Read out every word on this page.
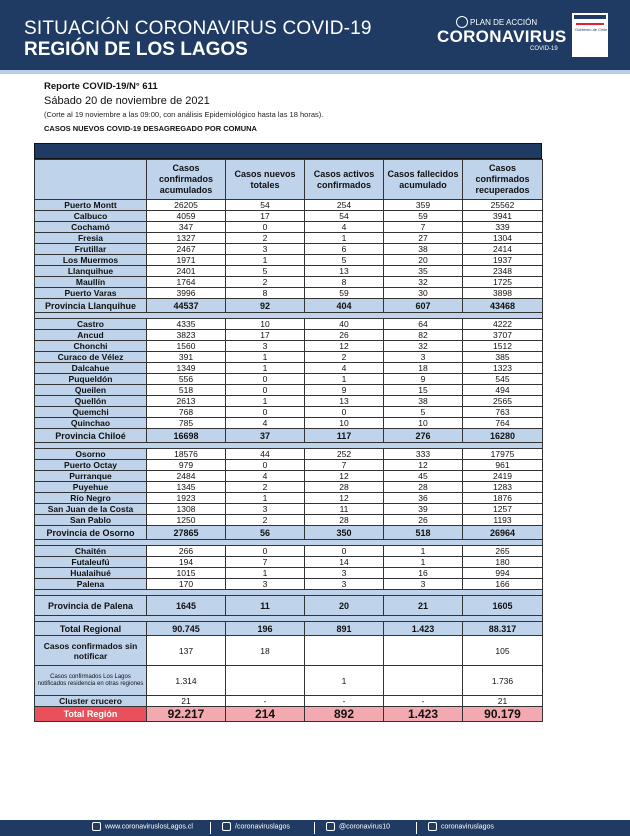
SITUACIÓN CORONAVIRUS COVID-19
REGIÓN DE LOS LAGOS
PLAN DE ACCIÓN
CORONAVIRUS
COVID-19
Gobierno de Chile
Reporte COVID-19/N° 611
Sábado 20 de noviembre de 2021
(Corte al 19 noviembre a las 09:00, con análisis Epidemiológico hasta las 18 horas).
CASOS NUEVOS COVID-19 DESAGREGADO POR COMUNA
	Casos confirmados acumulados	Casos nuevos totales	Casos activos confirmados	Casos fallecidos acumulado	Casos confirmados recuperados
Puerto Montt	26205	54	254	359	25562
Calbuco	4059	17	54	59	3941
Cochamó	347	0	4	7	339
Fresia	1327	2	1	27	1304
Frutillar	2467	3	6	38	2414
Los Muermos	1971	1	5	20	1937
Llanquihue	2401	5	13	35	2348
Maullín	1764	2	8	32	1725
Puerto Varas	3996	8	59	30	3898
Provincia Llanquihue	44537	92	404	607	43468

Castro	4335	10	40	64	4222
Ancud	3823	17	26	82	3707
Chonchi	1560	3	12	32	1512
Curaco de Vélez	391	1	2	3	385
Dalcahue	1349	1	4	18	1323
Puqueldón	556	0	1	9	545
Queilen	518	0	9	15	494
Quellón	2613	1	13	38	2565
Quemchi	768	0	0	5	763
Quinchao	785	4	10	10	764
Provincia Chiloé	16698	37	117	276	16280

Osorno	18576	44	252	333	17975
Puerto Octay	979	0	7	12	961
Purranque	2484	4	12	45	2419
Puyehue	1345	2	28	28	1283
Río Negro	1923	1	12	36	1876
San Juan de la Costa	1308	3	11	39	1257
San Pablo	1250	2	28	26	1193
Provincia de Osorno	27865	56	350	518	26964

Chaitén	266	0	0	1	265
Futaleufú	194	7	14	1	180
Hualaihué	1015	1	3	16	994
Palena	170	3	3	3	166

Provincia de Palena	1645	11	20	21	1605

Total Regional	90.745	196	891	1.423	88.317
Casos confirmados sin notificar	137	18			105
Casos confirmados Los Lagos notificados residencia en otras regiones	1.314		1		1.736
Cluster crucero	21	-	-	-	21
Total Región	92.217	214	892	1.423	90.179
www.coronaviruslosLagos.cl	/coronaviruslagos	@coronavirus10	coronaviruslagos
